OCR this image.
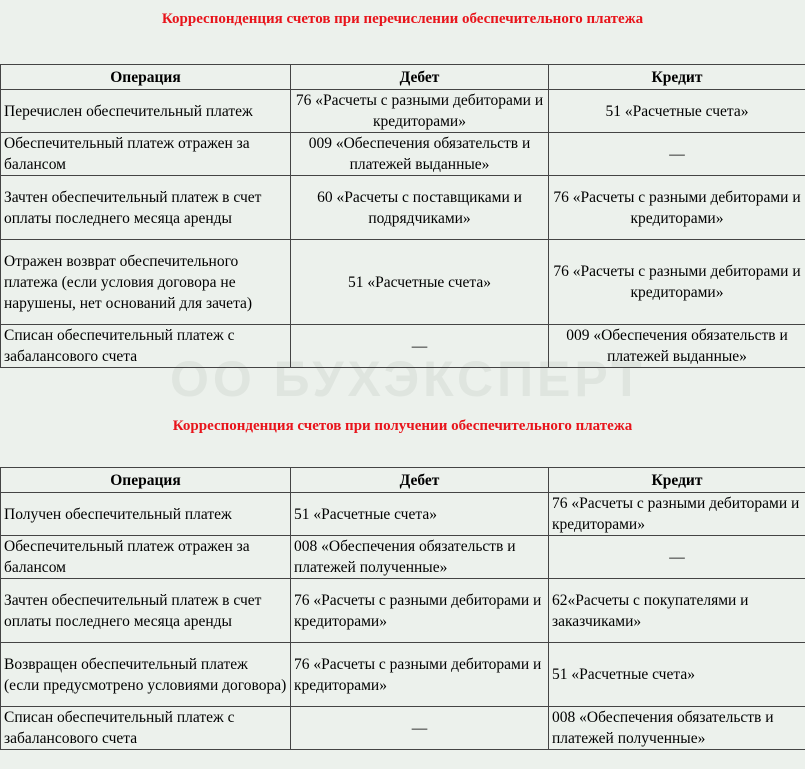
ОО БУХЭКСПЕРТ
Корреспонденция счетов при перечислении обеспечительного платежа
Операция	Дебет	Кредит
Перечислен обеспечительный платеж	76 «Расчеты с разными дебиторами и кредиторами»	51 «Расчетные счета»
Обеспечительный платеж отражен за балансом	009 «Обеспечения обязательств и платежей выданные»	—
Зачтен обеспечительный платеж в счет оплаты последнего месяца аренды	60 «Расчеты с поставщиками и подрядчиками»	76 «Расчеты с разными дебиторами и кредиторами»
Отражен возврат обеспечительного платежа (если условия договора не нарушены, нет оснований для зачета)	51 «Расчетные счета»	76 «Расчеты с разными дебиторами и кредиторами»
Списан обеспечительный платеж с забалансового счета	—	009 «Обеспечения обязательств и платежей выданные»
Корреспонденция счетов при получении обеспечительного платежа
Операция	Дебет	Кредит
Получен обеспечительный платеж	51 «Расчетные счета»	76 «Расчеты с разными дебиторами и кредиторами»
Обеспечительный платеж отражен за балансом	008 «Обеспечения обязательств и платежей полученные»	—
Зачтен обеспечительный платеж в счет оплаты последнего месяца аренды	76 «Расчеты с разными дебиторами и кредиторами»	62«Расчеты с покупателями и заказчиками»
Возвращен обеспечительный платеж (если предусмотрено условиями договора)	76 «Расчеты с разными дебиторами и кредиторами»	51 «Расчетные счета»
Списан обеспечительный платеж с забалансового счета	—	008 «Обеспечения обязательств и платежей полученные»
